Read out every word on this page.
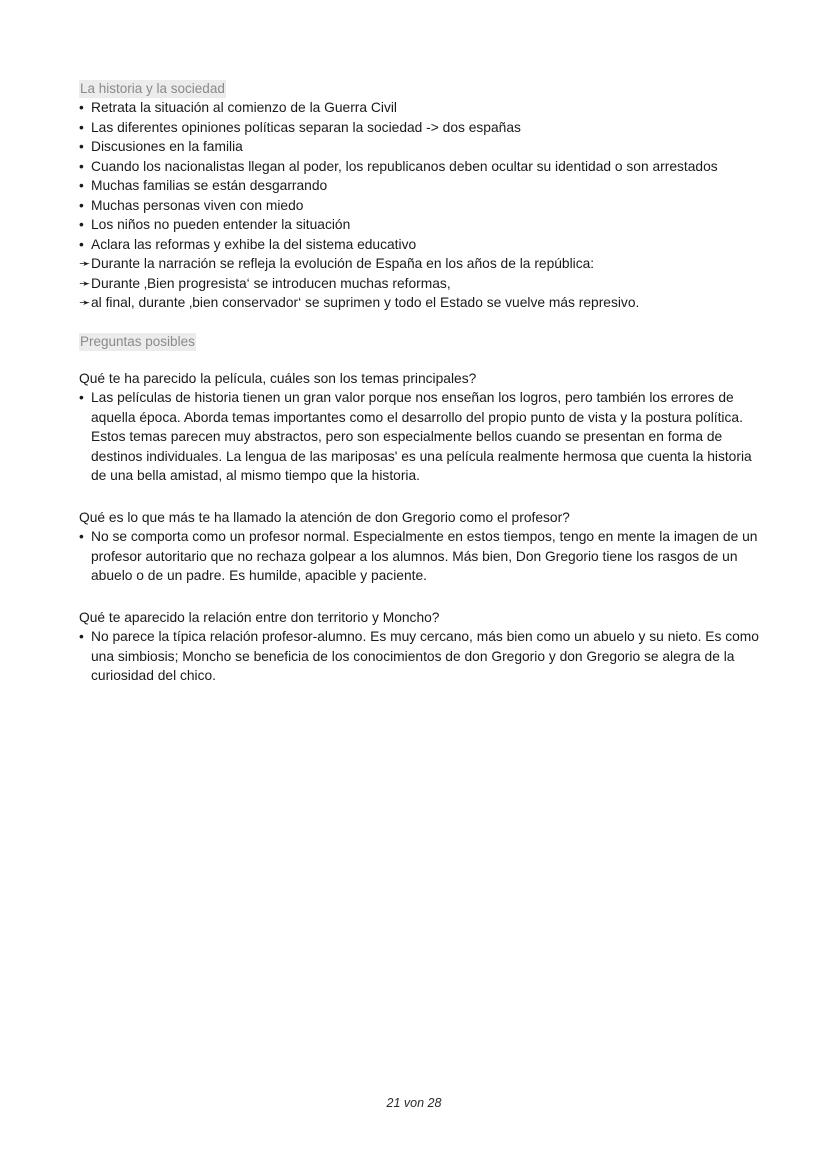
La historia y la sociedad
• Retrata la situación al comienzo de la Guerra Civil
• Las diferentes opiniones políticas separan la sociedad -> dos españas
• Discusiones en la familia
• Cuando los nacionalistas llegan al poder, los republicanos deben ocultar su identidad o son arrestados
• Muchas familias se están desgarrando
• Muchas personas viven con miedo
• Los niños no pueden entender la situación
• Aclara las reformas y exhibe la del sistema educativo
➛ Durante la narración se refleja la evolución de España en los años de la república:
➛ Durante ‚Bien progresista‘ se introducen muchas reformas,
➛ al final, durante ‚bien conservador‘ se suprimen y todo el Estado se vuelve más represivo.
Preguntas posibles

Qué te ha parecido la película, cuáles son los temas principales?

• Las películas de historia tienen un gran valor porque nos enseñan los logros, pero también los errores de aquella época. Aborda temas importantes como el desarrollo del propio punto de vista y la postura política. Estos temas parecen muy abstractos, pero son especialmente bellos cuando se presentan en forma de destinos individuales. La lengua de las mariposas' es una película realmente hermosa que cuenta la historia de una bella amistad, al mismo tiempo que la historia.

Qué es lo que más te ha llamado la atención de don Gregorio como el profesor?

• No se comporta como un profesor normal. Especialmente en estos tiempos, tengo en mente la imagen de un profesor autoritario que no rechaza golpear a los alumnos. Más bien, Don Gregorio tiene los rasgos de un abuelo o de un padre. Es humilde, apacible y paciente.

Qué te aparecido la relación entre don territorio y Moncho?

• No parece la típica relación profesor-alumno. Es muy cercano, más bien como un abuelo y su nieto. Es como una simbiosis; Moncho se beneficia de los conocimientos de don Gregorio y don Gregorio se alegra de la curiosidad del chico.

21 von 28
